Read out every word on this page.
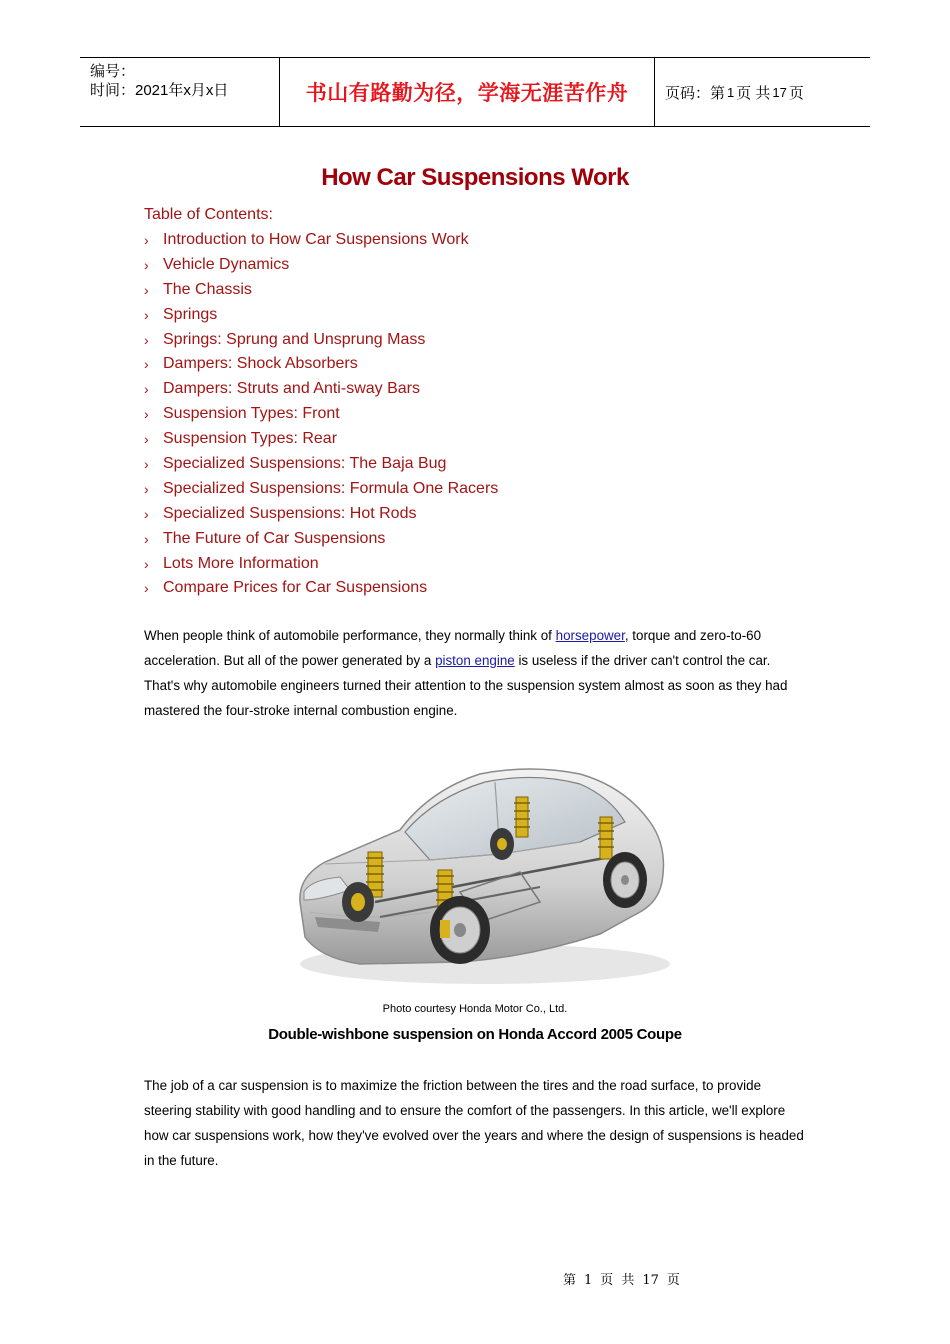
编号：
时间：2021年x月x日	书山有路勤为径，学海无涯苦作舟	页码：第 1 页 共 17 页
How Car Suspensions Work
Table of Contents:
› Introduction to How Car Suspensions Work
› Vehicle Dynamics
› The Chassis
› Springs
› Springs: Sprung and Unsprung Mass
› Dampers: Shock Absorbers
› Dampers: Struts and Anti-sway Bars
› Suspension Types: Front
› Suspension Types: Rear
› Specialized Suspensions: The Baja Bug
› Specialized Suspensions: Formula One Racers
› Specialized Suspensions: Hot Rods
› The Future of Car Suspensions
› Lots More Information
› Compare Prices for Car Suspensions
When people think of automobile performance, they normally think of horsepower, torque and zero-to-60 acceleration. But all of the power generated by a piston engine is useless if the driver can't control the car. That's why automobile engineers turned their attention to the suspension system almost as soon as they had mastered the four-stroke internal combustion engine.
Photo courtesy Honda Motor Co., Ltd.
Double-wishbone suspension on Honda Accord 2005 Coupe
The job of a car suspension is to maximize the friction between the tires and the road surface, to provide steering stability with good handling and to ensure the comfort of the passengers. In this article, we'll explore how car suspensions work, how they've evolved over the years and where the design of suspensions is headed in the future.
第 1 页 共 17 页
